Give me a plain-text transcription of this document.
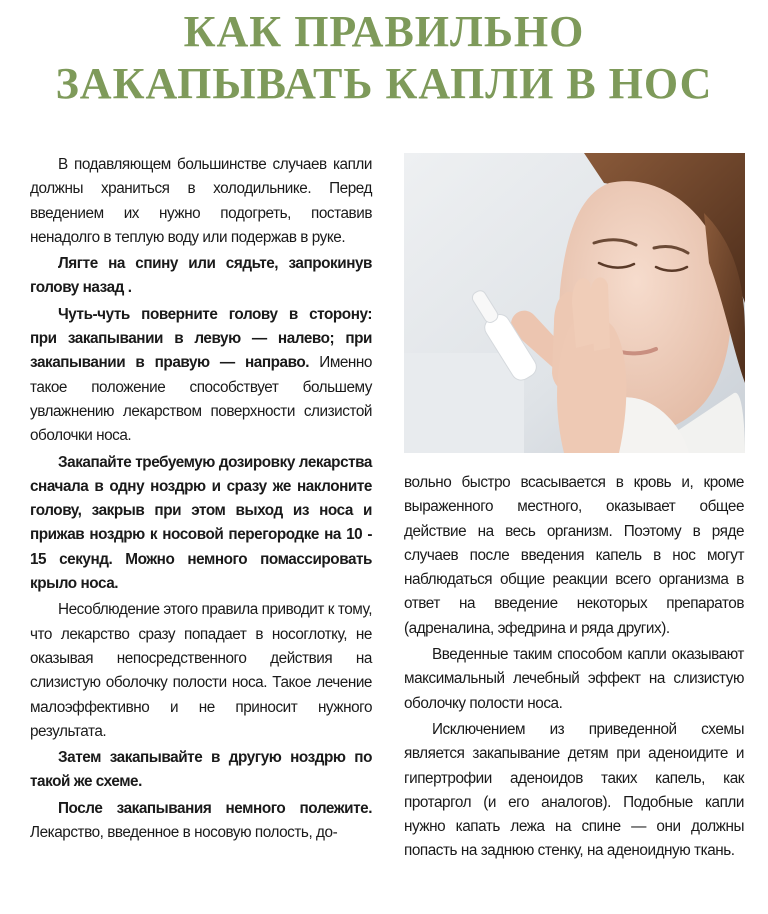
КАК ПРАВИЛЬНО
ЗАКАПЫВАТЬ КАПЛИ В НОС

В подавляющем большинстве случаев капли должны храниться в холодильнике. Перед введением их нужно подогреть, поставив ненадолго в теплую воду или подержав в руке.

Лягте на спину или сядьте, запрокинув голову назад .

Чуть-чуть поверните голову в сторону: при закапывании в левую — налево; при закапывании в правую — направо. Именно такое положение способствует большему увлажнению лекарством поверхности слизистой оболочки носа.

Закапайте требуемую дозировку лекарства сначала в одну ноздрю и сразу же наклоните голову, закрыв при этом выход из носа и прижав ноздрю к носовой перегородке на 10 - 15 секунд. Можно немного помассировать крыло носа.

Несоблюдение этого правила приводит к тому, что лекарство сразу попадает в носоглотку, не оказывая непосредственного действия на слизистую оболочку полости носа. Такое лечение малоэффективно и не приносит нужного результата.

Затем закапывайте в другую ноздрю по такой же схеме.

После закапывания немного полежите. Лекарство, введенное в носовую полость, до-

вольно быстро всасывается в кровь и, кроме выраженного местного, оказывает общее действие на весь организм. Поэтому в ряде случаев после введения капель в нос могут наблюдаться общие реакции всего организма в ответ на введение некоторых препаратов (адреналина, эфедрина и ряда других).

Введенные таким способом капли оказывают максимальный лечебный эффект на слизистую оболочку полости носа.

Исключением из приведенной схемы является закапывание детям при аденоидите и гипертрофии аденоидов таких капель, как протаргол (и его аналогов). Подобные капли нужно капать лежа на спине — они должны попасть на заднюю стенку, на аденоидную ткань.
